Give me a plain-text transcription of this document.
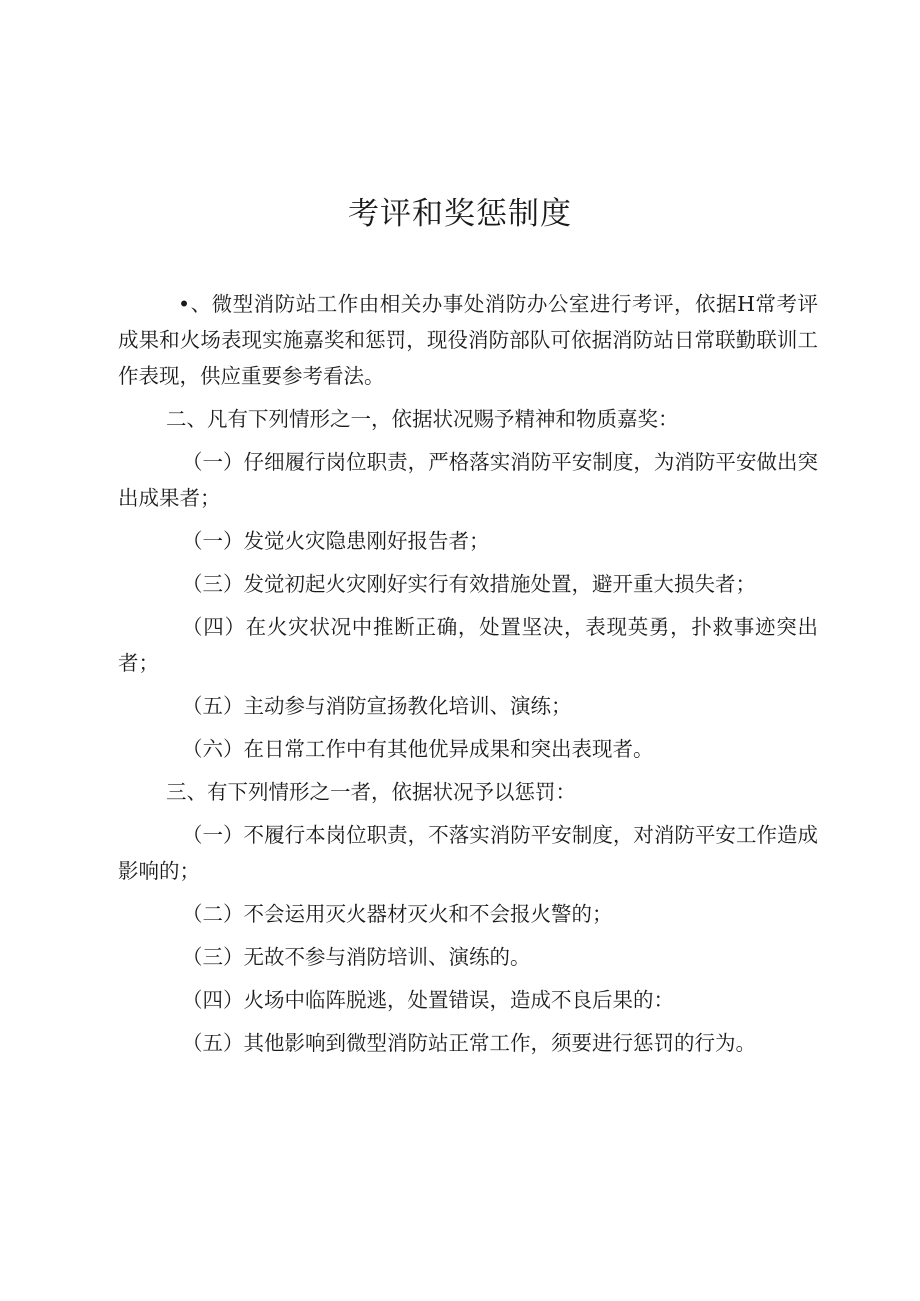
考评和奖惩制度

•、微型消防站工作由相关办事处消防办公室进行考评，依据H常考评成果和火场表现实施嘉奖和惩罚，现役消防部队可依据消防站日常联勤联训工作表现，供应重要参考看法。

二、凡有下列情形之一，依据状况赐予精神和物质嘉奖：

（一）仔细履行岗位职责，严格落实消防平安制度，为消防平安做出突出成果者；

（一）发觉火灾隐患刚好报告者；

（三）发觉初起火灾刚好实行有效措施处置，避开重大损失者；

（四）在火灾状况中推断正确，处置坚决，表现英勇，扑救事迹突出者；

（五）主动参与消防宣扬教化培训、演练；

（六）在日常工作中有其他优异成果和突出表现者。

三、有下列情形之一者，依据状况予以惩罚：

（一）不履行本岗位职责，不落实消防平安制度，对消防平安工作造成影响的；

（二）不会运用灭火器材灭火和不会报火警的；

（三）无故不参与消防培训、演练的。

（四）火场中临阵脱逃，处置错误，造成不良后果的：

（五）其他影响到微型消防站正常工作，须要进行惩罚的行为。
